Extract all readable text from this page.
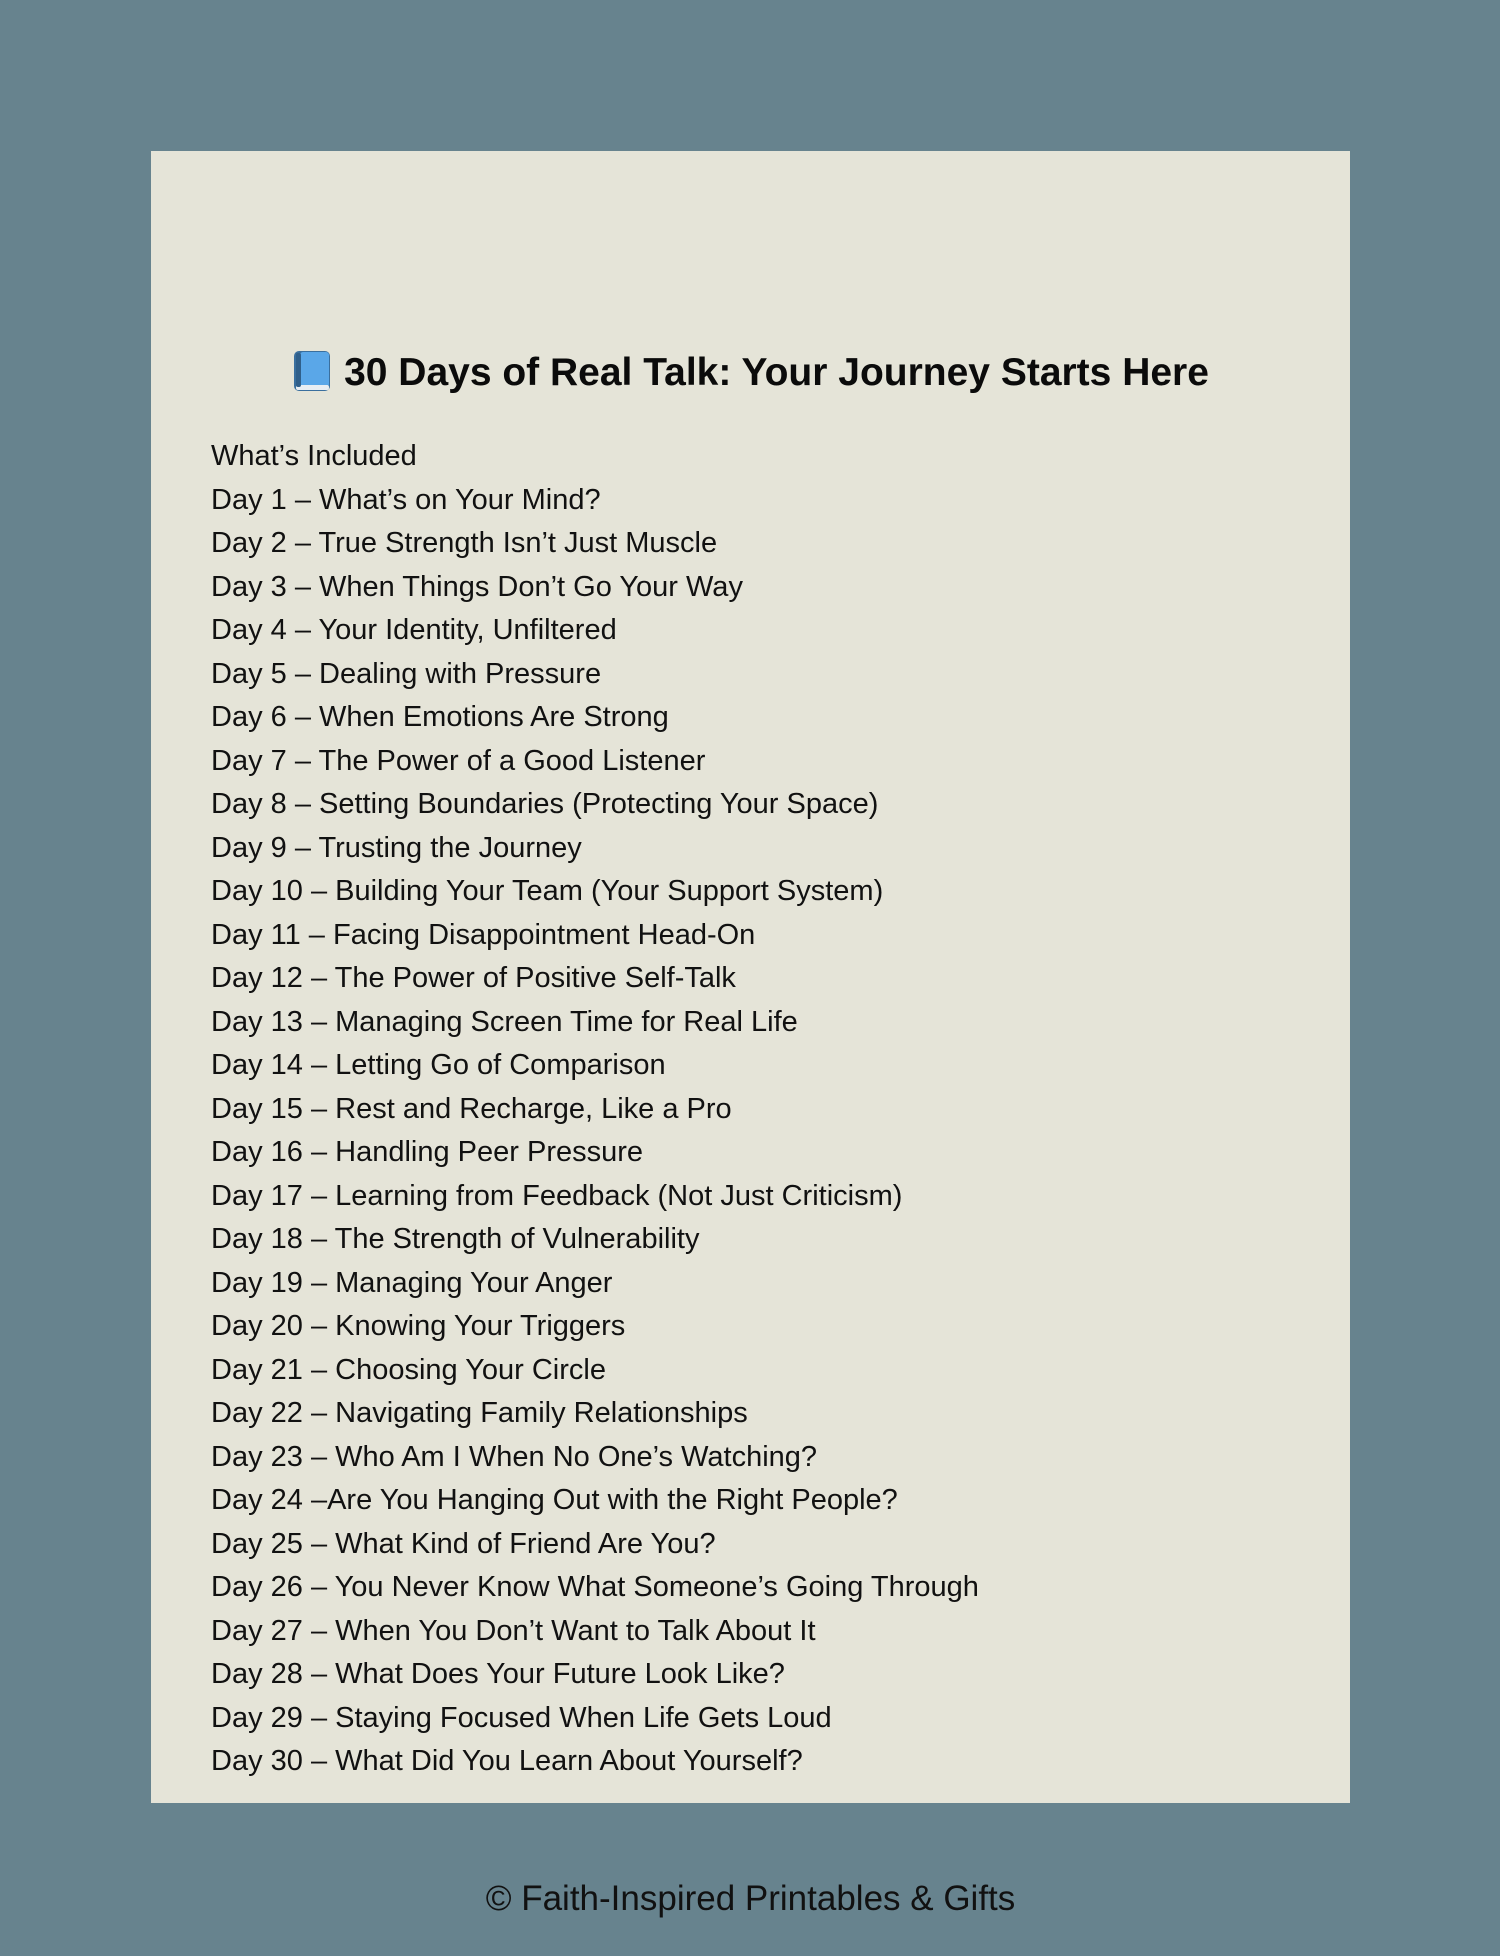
30 Days of Real Talk: Your Journey Starts Here
What’s Included
Day 1 – What’s on Your Mind?
Day 2 – True Strength Isn’t Just Muscle
Day 3 – When Things Don’t Go Your Way
Day 4 – Your Identity, Unfiltered
Day 5 – Dealing with Pressure
Day 6 – When Emotions Are Strong
Day 7 – The Power of a Good Listener
Day 8 – Setting Boundaries (Protecting Your Space)
Day 9 – Trusting the Journey
Day 10 – Building Your Team (Your Support System)
Day 11 – Facing Disappointment Head-On
Day 12 – The Power of Positive Self-Talk
Day 13 – Managing Screen Time for Real Life
Day 14 – Letting Go of Comparison
Day 15 – Rest and Recharge, Like a Pro
Day 16 – Handling Peer Pressure
Day 17 – Learning from Feedback (Not Just Criticism)
Day 18 – The Strength of Vulnerability
Day 19 – Managing Your Anger
Day 20 – Knowing Your Triggers
Day 21 – Choosing Your Circle
Day 22 – Navigating Family Relationships
Day 23 – Who Am I When No One’s Watching?
Day 24 –Are You Hanging Out with the Right People?
Day 25 – What Kind of Friend Are You?
Day 26 – You Never Know What Someone’s Going Through
Day 27 – When You Don’t Want to Talk About It
Day 28 – What Does Your Future Look Like?
Day 29 – Staying Focused When Life Gets Loud
Day 30 – What Did You Learn About Yourself?
© Faith-Inspired Printables & Gifts
